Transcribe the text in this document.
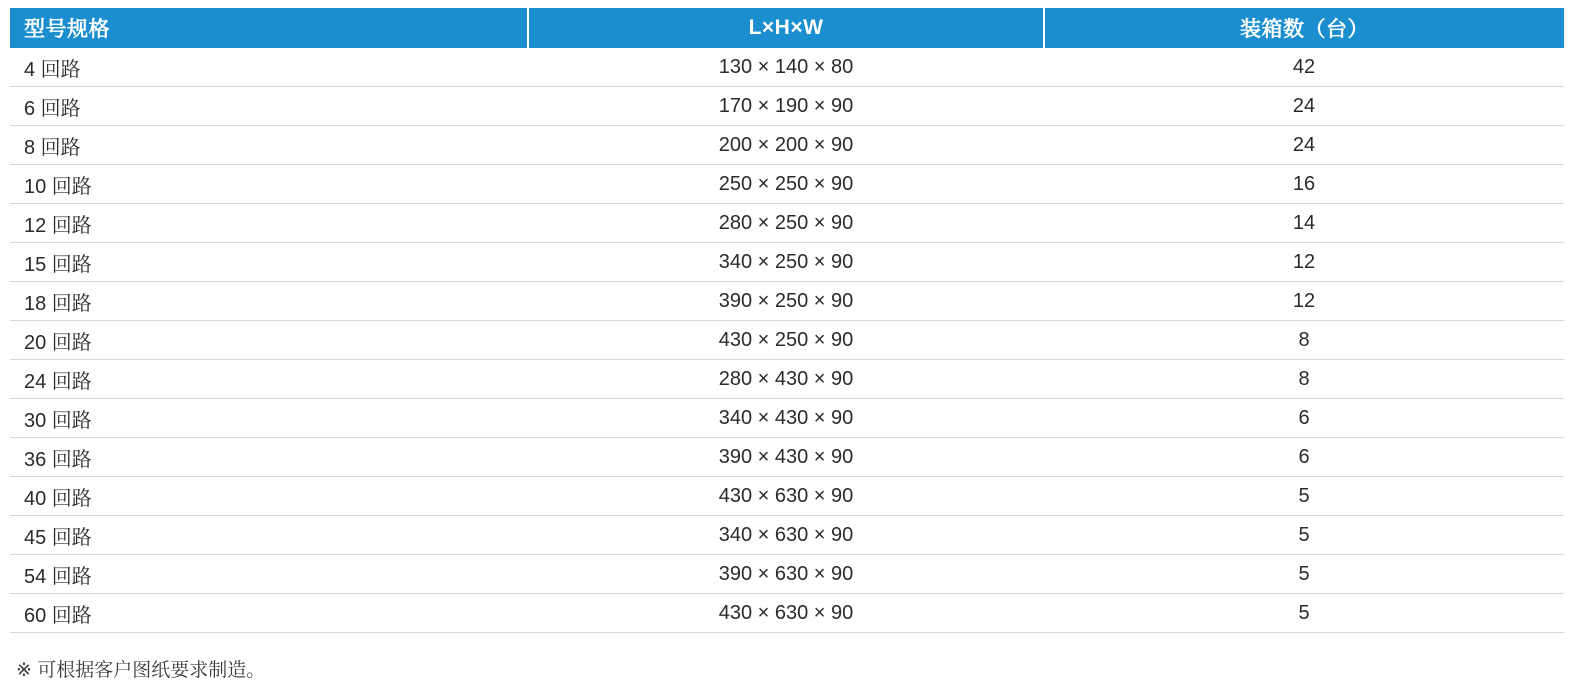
型号规格	L×H×W	装箱数（台）
4 回路	130 × 140 × 80	42
6 回路	170 × 190 × 90	24
8 回路	200 × 200 × 90	24
10 回路	250 × 250 × 90	16
12 回路	280 × 250 × 90	14
15 回路	340 × 250 × 90	12
18 回路	390 × 250 × 90	12
20 回路	430 × 250 × 90	8
24 回路	280 × 430 × 90	8
30 回路	340 × 430 × 90	6
36 回路	390 × 430 × 90	6
40 回路	430 × 630 × 90	5
45 回路	340 × 630 × 90	5
54 回路	390 × 630 × 90	5
60 回路	430 × 630 × 90	5
※ 可根据客户图纸要求制造。
